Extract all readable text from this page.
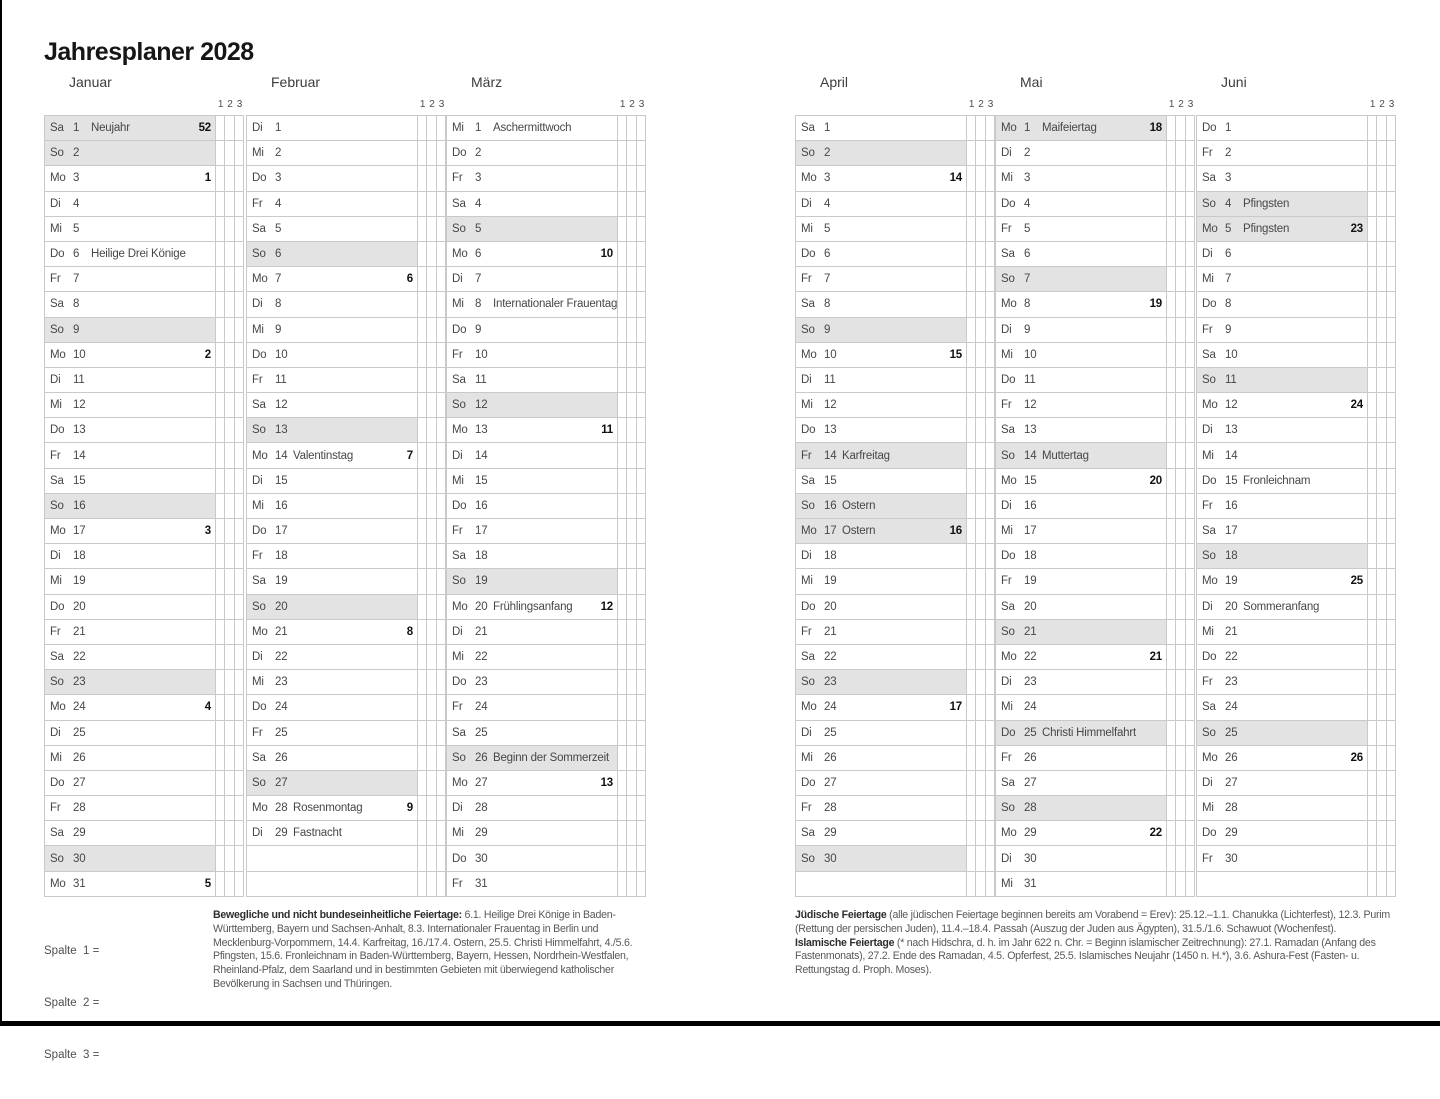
Jahresplaner 2028
Januar
1 2 3
Sa 1	Neujahr	52
So 2
Mo 3	1
Di	4
Mi 5
Do 6	Heilige Drei Könige
Fr	7
Sa 8
So 9
Mo 10	2
Di	11
Mi 12
Do 13
Fr	14
Sa 15
So 16
Mo 17	3
Di	18
Mi 19
Do 20
Fr	21
Sa 22
So 23
Mo 24	4
Di	25
Mi 26
Do 27
Fr	28
Sa 29
So 30
Mo 31	5
Februar
1 2 3
Di	1
Mi 2
Do 3
Fr	4
Sa 5
So 6
Mo 7	6
Di	8
Mi 9
Do 10
Fr	11
Sa 12
So 13
Mo 14 Valentinstag	7
Di	15
Mi 16
Do 17
Fr	18
Sa 19
So 20
Mo 21	8
Di	22
Mi 23
Do 24
Fr	25
Sa 26
So 27
Mo 28 Rosenmontag	9
Di	29 Fastnacht
März
1 2 3
Mi 1	Aschermittwoch
Do 2
Fr	3
Sa 4
So 5
Mo 6	10
Di	7
Mi 8	Internationaler Frauentag
Do 9
Fr	10
Sa 11
So 12
Mo 13	11
Di	14
Mi 15
Do 16
Fr	17
Sa 18
So 19
Mo 20 Frühlingsanfang	12
Di	21
Mi 22
Do 23
Fr	24
Sa 25
So 26 Beginn der Sommerzeit
Mo 27	13
Di	28
Mi 29
Do 30
Fr	31
April
1 2 3
Sa 1
So 2
Mo 3	14
Di	4
Mi 5
Do 6
Fr	7
Sa 8
So 9
Mo 10	15
Di	11
Mi 12
Do 13
Fr	14 Karfreitag
Sa 15
So 16 Ostern
Mo 17 Ostern	16
Di	18
Mi 19
Do 20
Fr	21
Sa 22
So 23
Mo 24	17
Di	25
Mi 26
Do 27
Fr	28
Sa 29
So 30
Mai
1 2 3
Mo 1	Maifeiertag	18
Di	2
Mi 3
Do 4
Fr	5
Sa 6
So 7
Mo 8	19
Di	9
Mi 10
Do 11
Fr	12
Sa 13
So 14 Muttertag
Mo 15	20
Di	16
Mi 17
Do 18
Fr	19
Sa 20
So 21
Mo 22	21
Di	23
Mi 24
Do 25 Christi Himmelfahrt
Fr	26
Sa 27
So 28
Mo 29	22
Di	30
Mi 31
Juni
1 2 3
Do 1
Fr	2
Sa 3
So 4	Pfingsten
Mo 5	Pfingsten	23
Di	6
Mi 7
Do 8
Fr	9
Sa 10
So 11
Mo 12	24
Di	13
Mi 14
Do 15 Fronleichnam
Fr	16
Sa 17
So 18
Mo 19	25
Di	20 Sommeranfang
Mi 21
Do 22
Fr	23
Sa 24
So 25
Mo 26	26
Di	27
Mi 28
Do 29
Fr	30

Spalte  1 =

Spalte  2 =

Spalte  3 =

Bewegliche und nicht bundeseinheitliche Feiertage: 6.1. Heilige Drei Könige in Baden-Württemberg, Bayern und Sachsen-Anhalt, 8.3. Internationaler Frauentag in Berlin und Mecklenburg-Vorpommern, 14.4. Karfreitag, 16./17.4. Ostern, 25.5. Christi Himmelfahrt, 4./5.6. Pfingsten, 15.6. Fronleichnam in Baden-Württemberg, Bayern, Hessen, Nordrhein-Westfalen, Rheinland-Pfalz, dem Saarland und in bestimmten Gebieten mit überwiegend katholischer Bevölkerung in Sachsen und Thüringen.

Jüdische Feiertage (alle jüdischen Feiertage beginnen bereits am Vorabend = Erev): 25.12.–1.1. Chanukka (Lichterfest), 12.3. Purim (Rettung der persischen Juden), 11.4.–18.4. Passah (Auszug der Juden aus Ägypten), 31.5./1.6. Schawuot (Wochenfest).

Islamische Feiertage (* nach Hidschra, d. h. im Jahr 622 n. Chr. = Beginn islamischer Zeitrechnung): 27.1. Ramadan (Anfang des Fastenmonats), 27.2. Ende des Ramadan, 4.5. Opferfest, 25.5. Islamisches Neujahr (1450 n. H.*), 3.6. Ashura-Fest (Fasten- u. Rettungstag d. Proph. Moses).
